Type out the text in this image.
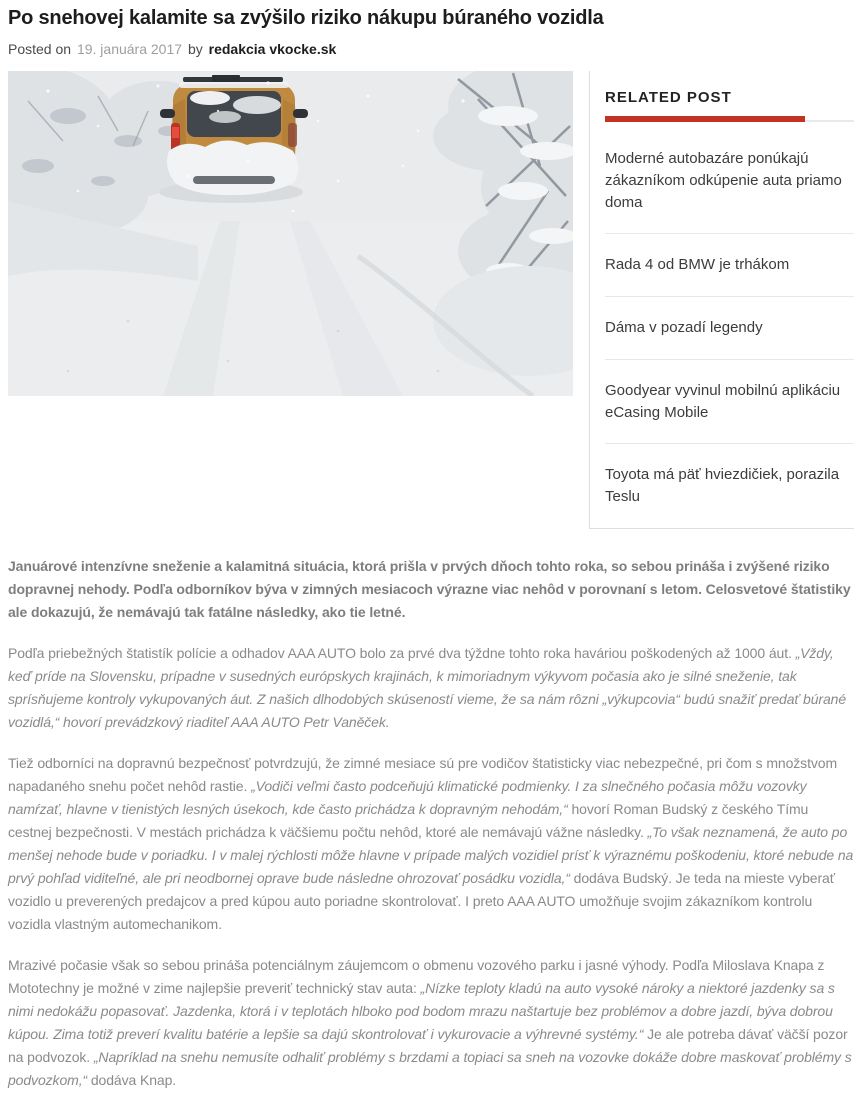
Po snehovej kalamite sa zvýšilo riziko nákupu búraného vozidla
Posted on 19. januára 2017 by redakcia vkocke.sk
RELATED POST
Moderné autobazáre ponúkajú zákazníkom odkúpenie auta priamo doma
Rada 4 od BMW je trhákom
Dáma v pozadí legendy
Goodyear vyvinul mobilnú aplikáciu eCasing Mobile
Toyota má päť hviezdičiek, porazila Teslu

Januárové intenzívne sneženie a kalamitná situácia, ktorá prišla v prvých dňoch tohto roka, so sebou prináša i zvýšené riziko dopravnej nehody. Podľa odborníkov býva v zimných mesiacoch výrazne viac nehôd v porovnaní s letom. Celosvetové štatistiky ale dokazujú, že nemávajú tak fatálne následky, ako tie letné.

Podľa priebežných štatistík polície a odhadov AAA AUTO bolo za prvé dva týždne tohto roka haváriou poškodených až 1000 áut. „Vždy, keď príde na Slovensku, prípadne v susedných európskych krajinách, k mimoriadnym výkyvom počasia ako je silné sneženie, tak sprísňujeme kontroly vykupovaných áut. Z našich dlhodobých skúseností vieme, že sa nám rôzni „výkupcovia“ budú snažiť predať búrané vozidlá,“ hovorí prevádzkový riaditeľ AAA AUTO Petr Vaněček.

Tiež odborníci na dopravnú bezpečnosť potvrdzujú, že zimné mesiace sú pre vodičov štatisticky viac nebezpečné, pri čom s množstvom napadaného snehu počet nehôd rastie. „Vodiči veľmi často podceňujú klimatické podmienky. I za slnečného počasia môžu vozovky namŕzať, hlavne v tienistých lesných úsekoch, kde často prichádza k dopravným nehodám,“ hovorí Roman Budský z českého Tímu cestnej bezpečnosti. V mestách prichádza k väčšiemu počtu nehôd, ktoré ale nemávajú vážne následky. „To však neznamená, že auto po menšej nehode bude v poriadku. I v malej rýchlosti môže hlavne v prípade malých vozidiel prísť k výraznému poškodeniu, ktoré nebude na prvý pohľad viditeľné, ale pri neodbornej oprave bude následne ohrozovať posádku vozidla,“ dodáva Budský. Je teda na mieste vyberať vozidlo u preverených predajcov a pred kúpou auto poriadne skontrolovať. I preto AAA AUTO umožňuje svojim zákazníkom kontrolu vozidla vlastným automechanikom.

Mrazivé počasie však so sebou prináša potenciálnym záujemcom o obmenu vozového parku i jasné výhody. Podľa Miloslava Knapa z Mototechny je možné v zime najlepšie preveriť technický stav auta: „Nízke teploty kladú na auto vysoké nároky a niektoré jazdenky sa s nimi nedokážu popasovať. Jazdenka, ktorá i v teplotách hlboko pod bodom mrazu naštartuje bez problémov a dobre jazdí, býva dobrou kúpou. Zima totiž preverí kvalitu batérie a lepšie sa dajú skontrolovať i vykurovacie a výhrevné systémy.“ Je ale potreba dávať väčší pozor na podvozok. „Napríklad na snehu nemusíte odhaliť problémy s brzdami a topiaci sa sneh na vozovke dokáže dobre maskovať problémy s podvozkom,“ dodáva Knap.
